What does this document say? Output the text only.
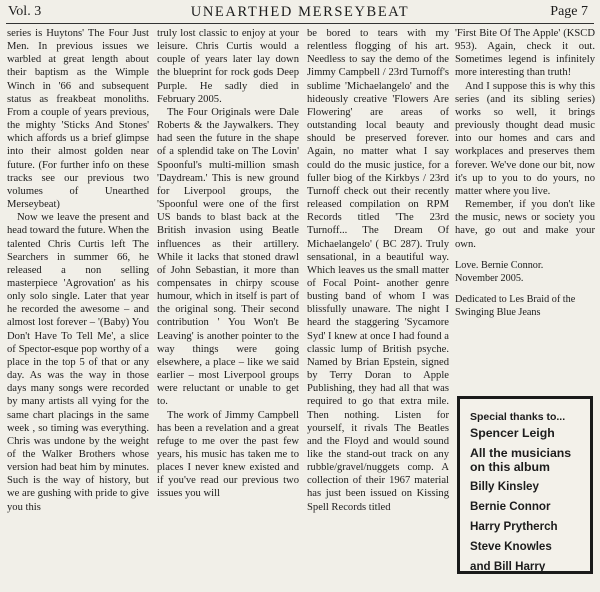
Vol. 3	UNEARTHED MERSEYBEAT	Page 7

series is Huytons' The Four Just Men. In previous issues we warbled at great length about their baptism as the Wimple Winch in '66 and subsequent status as freakbeat monoliths. From a couple of years previous, the mighty 'Sticks And Stones' which affords us a brief glimpse into their almost golden near future. (For further info on these tracks see our previous two volumes of Unearthed Merseybeat)

Now we leave the present and head toward the future. When the talented Chris Curtis left The Searchers in summer 66, he released a non selling masterpiece 'Agrovation' as his only solo single. Later that year he recorded the awesome – and almost lost forever – '(Baby) You Don't Have To Tell Me', a slice of Spector-esque pop worthy of a place in the top 5 of that or any day. As was the way in those days many songs were recorded by many artists all vying for the same chart placings in the same week , so timing was everything. Chris was undone by the weight of the Walker Brothers whose version had beat him by minutes. Such is the way of history, but we are gushing with pride to give you this

truly lost classic to enjoy at your leisure. Chris Curtis would a couple of years later lay down the blueprint for rock gods Deep Purple. He sadly died in February 2005.

The Four Originals were Dale Roberts & the Jaywalkers. They had seen the future in the shape of a splendid take on The Lovin' Spoonful's multi-million smash 'Daydream.' This is new ground for Liverpool groups, the 'Spoonful were one of the first US bands to blast back at the British invasion using Beatle influences as their artillery. While it lacks that stoned drawl of John Sebastian, it more than compensates in chirpy scouse humour, which in itself is part of the original song. Their second contribution ' You Won't Be Leaving' is another pointer to the way things were going elsewhere, a place – like we said earlier – most Liverpool groups were reluctant or unable to get to.

The work of Jimmy Campbell has been a revelation and a great refuge to me over the past few years, his music has taken me to places I never knew existed and if you've read our previous two issues you will

be bored to tears with my relentless flogging of his art. Needless to say the demo of the Jimmy Campbell / 23rd Turnoff's sublime 'Michaelangelo' and the hideously creative 'Flowers Are Flowering' are areas of outstanding local beauty and should be preserved forever. Again, no matter what I say could do the music justice, for a fuller biog of the Kirkbys / 23rd Turnoff check out their recently released compilation on RPM Records titled 'The 23rd Turnoff... The Dream Of Michaelangelo' ( BC 287). Truly sensational, in a beautiful way. Which leaves us the small matter of Focal Point- another genre busting band of whom I was blissfully unaware. The night I heard the staggering 'Sycamore Syd' I knew at once I had found a classic lump of British psyche. Named by Brian Epstein, signed by Terry Doran to Apple Publishing, they had all that was required to go that extra mile. Then nothing. Listen for yourself, it rivals The Beatles and the Floyd and would sound like the stand-out track on any rubble/gravel/nuggets comp. A collection of their 1967 material has just been issued on Kissing Spell Records titled

'First Bite Of The Apple' (KSCD 953). Again, check it out. Sometimes legend is infinitely more interesting than truth!

And I suppose this is why this series (and its sibling series) works so well, it brings previously thought dead music into our homes and cars and workplaces and preserves them forever. We've done our bit, now it's up to you to do yours, no matter where you live.

Remember, if you don't like the music, news or society you have, go out and make your own.

Love. Bernie Connor.
November 2005.

Dedicated to Les Braid of the Swinging Blue Jeans

Special thanks to...
Spencer Leigh
All the musicians on this album
Billy Kinsley
Bernie Connor
Harry Prytherch
Steve Knowles
and Bill Harry
